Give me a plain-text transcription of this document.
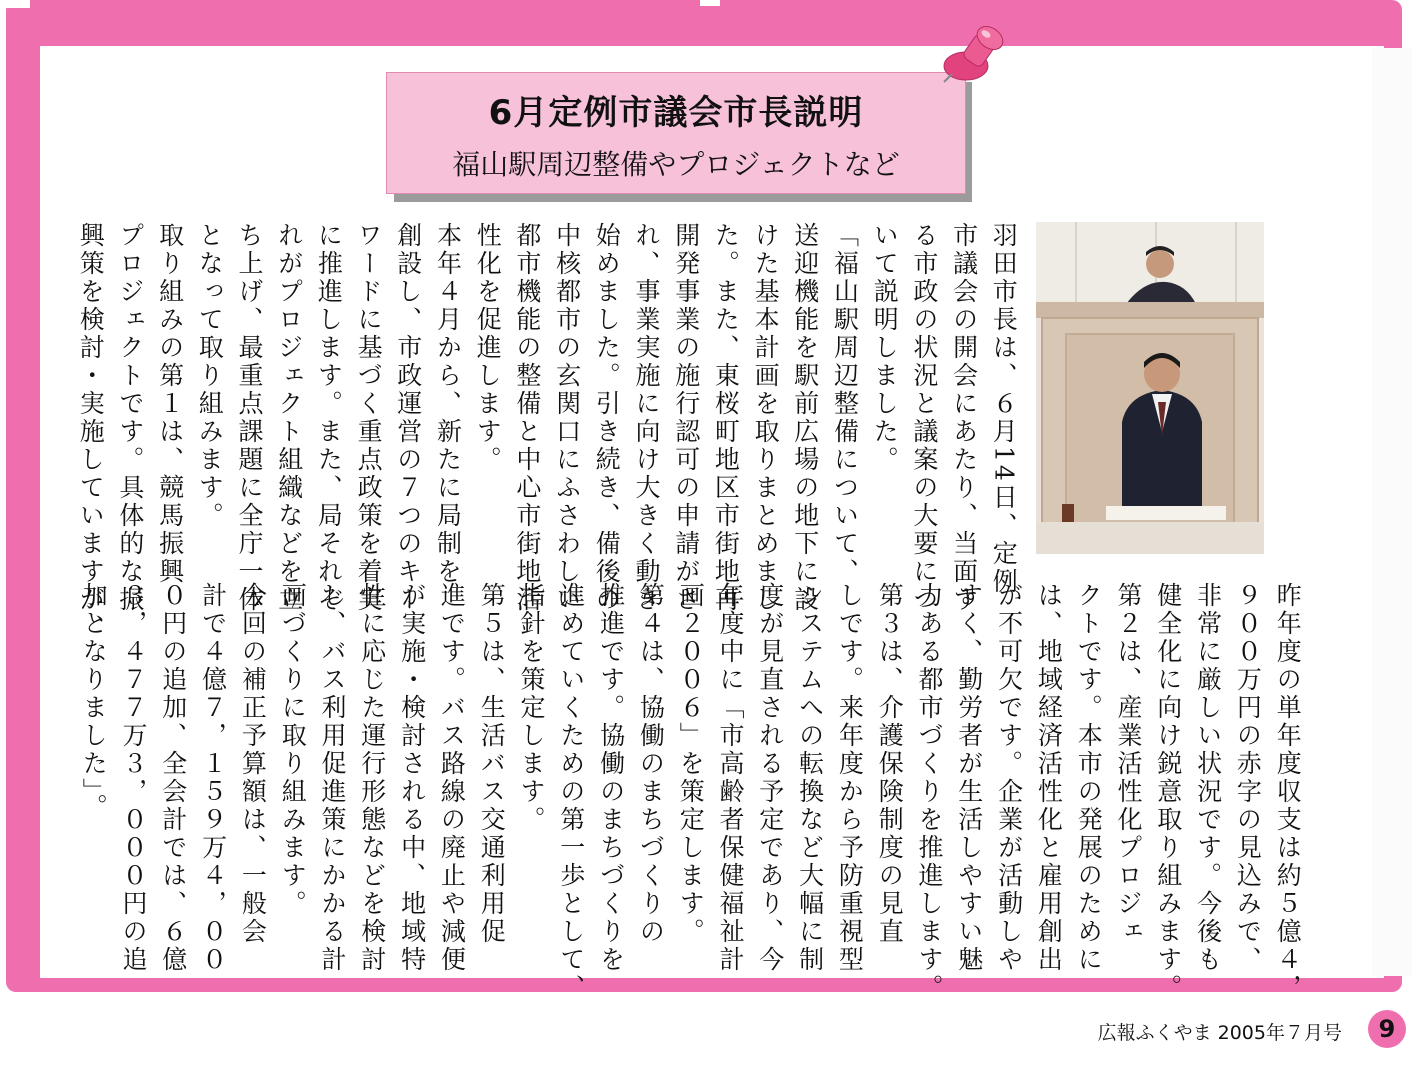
6月定例市議会市長説明
福山駅周辺整備やプロジェクトなど
羽田市長は、６月14日、定例
市議会の開会にあたり、当面す
る市政の状況と議案の大要につ
いて説明しました。
「福山駅周辺整備について、
送迎機能を駅前広場の地下に設
けた基本計画を取りまとめまし
た。また、東桜町地区市街地再
開発事業の施行認可の申請がさ
れ、事業実施に向け大きく動き
始めました。引き続き、備後の
中核都市の玄関口にふさわしい
都市機能の整備と中心市街地活
性化を促進します。
本年４月から、新たに局制を
創設し、市政運営の７つのキー
ワードに基づく重点政策を着実
に推進します。また、局それぞ
れがプロジェクト組織などを立
ち上げ、最重点課題に全庁一体
となって取り組みます。
取り組みの第１は、競馬振興
プロジェクトです。具体的な振
興策を検討・実施していますが、
昨年度の単年度収支は約５億４，
９００万円の赤字の見込みで、
非常に厳しい状況です。今後も
健全化に向け鋭意取り組みます。
第２は、産業活性化プロジェ
クトです。本市の発展のために
は、地域経済活性化と雇用創出
が不可欠です。企業が活動しや
すく、勤労者が生活しやすい魅
力ある都市づくりを推進します。
第３は、介護保険制度の見直
しです。来年度から予防重視型
システムへの転換など大幅に制
度が見直される予定であり、今
年度中に「市高齢者保健福祉計
画２００６」を策定します。
第４は、協働のまちづくりの
推進です。協働のまちづくりを
進めていくための第一歩として、
指針を策定します。
第５は、生活バス交通利用促
進です。バス路線の廃止や減便
が実施・検討される中、地域特
性に応じた運行形態などを検討
し、バス利用促進策にかかる計
画づくりに取り組みます。
今回の補正予算額は、一般会
計で４億７，１５９万４，００
０円の追加、全会計では、６億
３，４７７万３，０００円の追
加となりました」。
広報ふくやま 2005年７月号	9
